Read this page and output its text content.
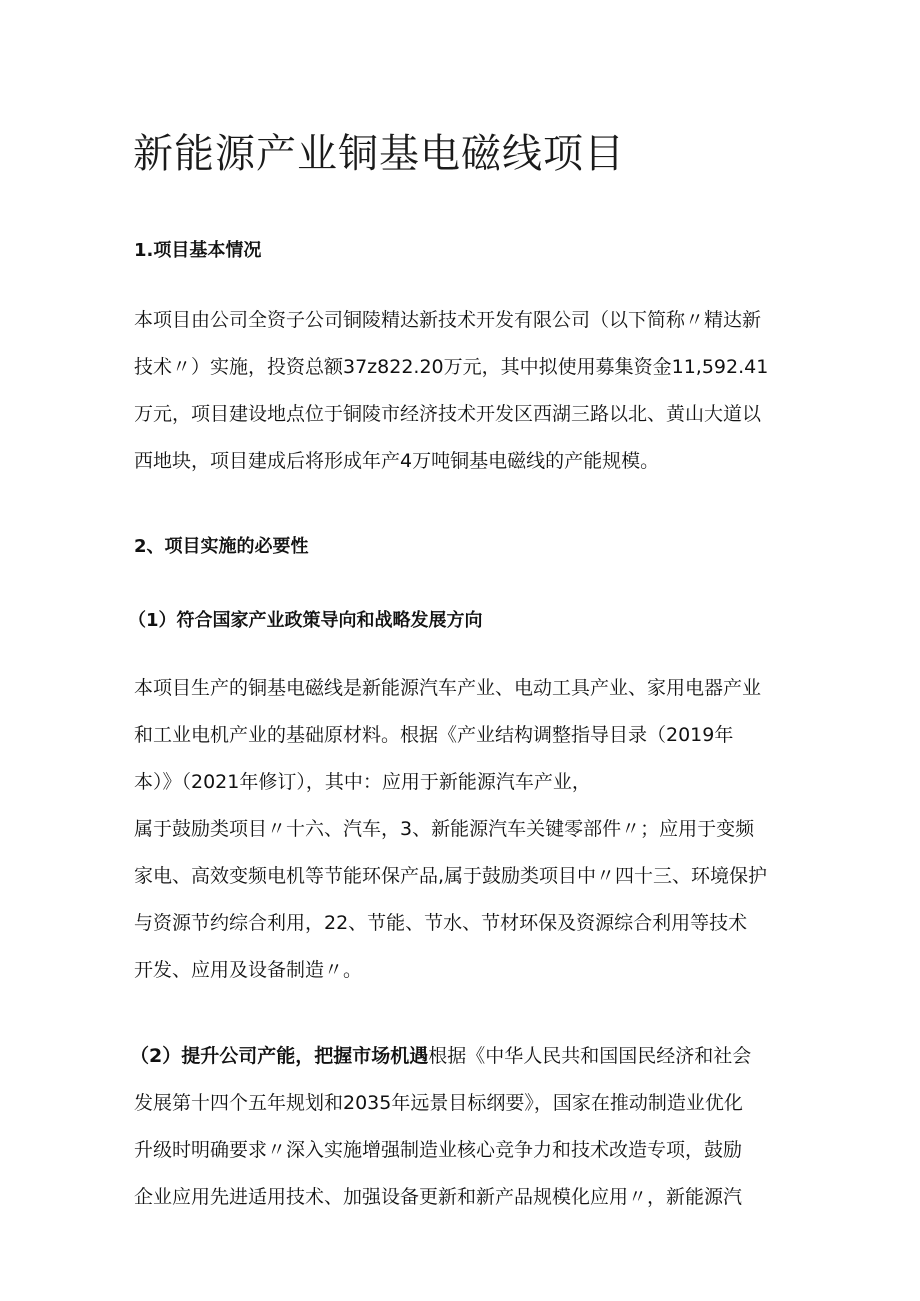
新能源产业铜基电磁线项目
1.项目基本情况

本项目由公司全资子公司铜陵精达新技术开发有限公司（以下简称〃精达新
技术〃）实施，投资总额37z822.20万元，其中拟使用募集资金11,592.41
万元，项目建设地点位于铜陵市经济技术开发区西湖三路以北、黄山大道以
西地块，项目建成后将形成年产4万吨铜基电磁线的产能规模。

2、项目实施的必要性
（1）符合国家产业政策导向和战略发展方向

本项目生产的铜基电磁线是新能源汽车产业、电动工具产业、家用电器产业
和工业电机产业的基础原材料。根据《产业结构调整指导目录（2019年
本）》（2021年修订），其中：应用于新能源汽车产业，
属于鼓励类项目〃十六、汽车，3、新能源汽车关键零部件〃；应用于变频
家电、高效变频电机等节能环保产品,属于鼓励类项目中〃四十三、环境保护
与资源节约综合利用，22、节能、节水、节材环保及资源综合利用等技术
开发、应用及设备制造〃。

（2）提升公司产能，把握市场机遇根据《中华人民共和国国民经济和社会
发展第十四个五年规划和2035年远景目标纲要》，国家在推动制造业优化
升级时明确要求〃深入实施增强制造业核心竞争力和技术改造专项，鼓励
企业应用先进适用技术、加强设备更新和新产品规模化应用〃，新能源汽
